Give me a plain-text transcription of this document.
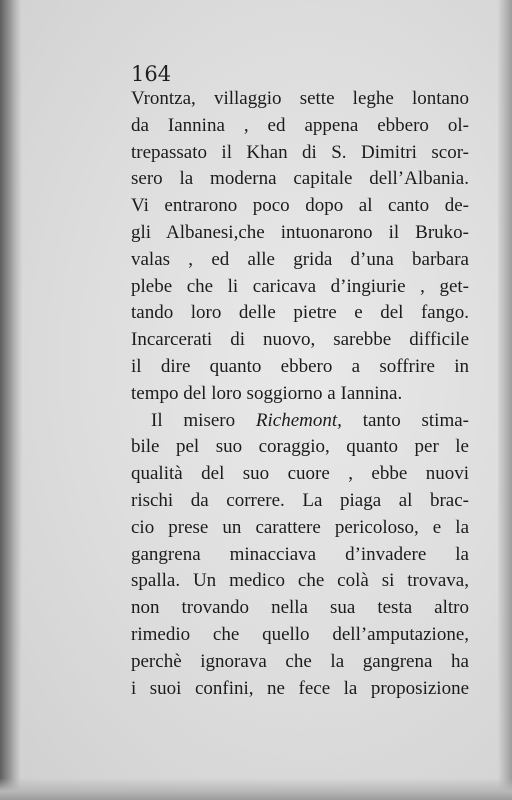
164

Vrontza, villaggio sette leghe lontano
da Iannina , ed appena ebbero ol-
trepassato il Khan di S. Dimitri scor-
sero la moderna capitale dell’Albania.
Vi entrarono poco dopo al canto de-
gli Albanesi,che intuonarono il Bruko-
valas , ed alle grida d’una barbara
plebe che li caricava d’ingiurie , get-
tando loro delle pietre e del fango.
Incarcerati di nuovo, sarebbe difficile
il dire quanto ebbero a soffrire in
tempo del loro soggiorno a Iannina.
Il misero Richemont, tanto stima-
bile pel suo coraggio, quanto per le
qualità del suo cuore , ebbe nuovi
rischi da correre. La piaga al brac-
cio prese un carattere pericoloso, e la
gangrena minacciava d’invadere la
spalla. Un medico che colà si trovava,
non trovando nella sua testa altro
rimedio che quello dell’amputazione,
perchè ignorava che la gangrena ha
i suoi confini, ne fece la proposizione
